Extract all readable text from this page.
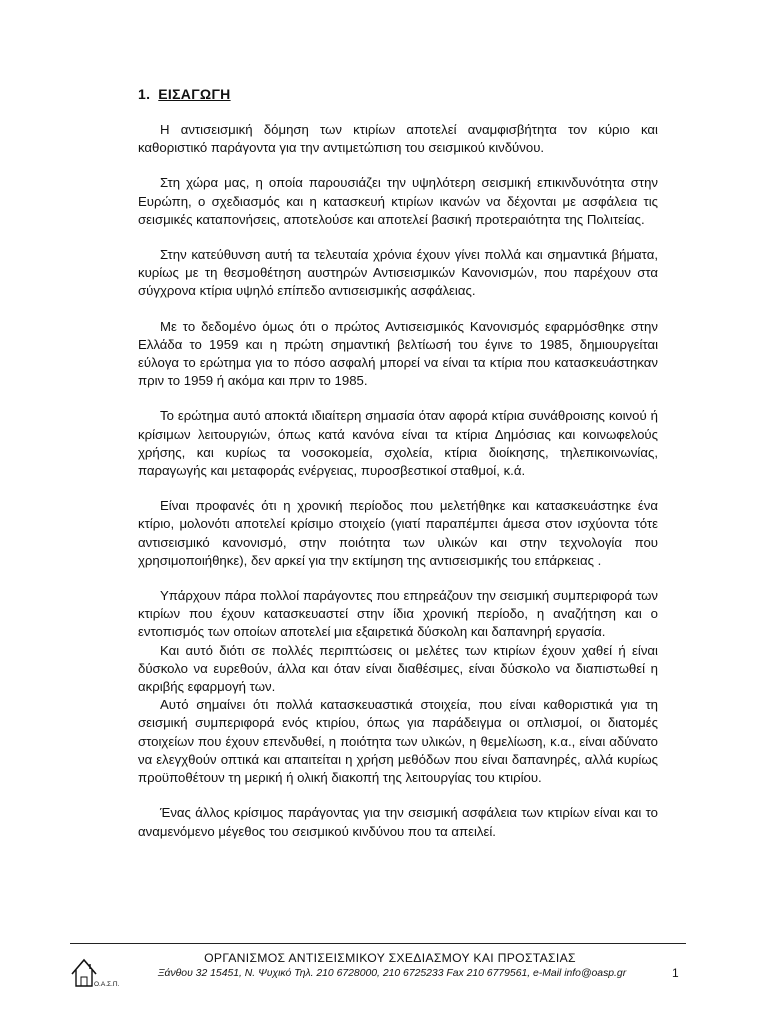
1. ΕΙΣΑΓΩΓΗ

Η αντισεισμική δόμηση των κτιρίων αποτελεί αναμφισβήτητα τον κύριο και καθοριστικό παράγοντα για την αντιμετώπιση του σεισμικού κινδύνου.

Στη χώρα μας, η οποία παρουσιάζει την υψηλότερη σεισμική επικινδυνότητα στην Ευρώπη, ο σχεδιασμός και η κατασκευή κτιρίων ικανών να δέχονται με ασφάλεια τις σεισμικές καταπονήσεις, αποτελούσε και αποτελεί βασική προτεραιότητα της Πολιτείας.

Στην κατεύθυνση αυτή τα τελευταία χρόνια έχουν γίνει πολλά και σημαντικά βήματα, κυρίως με τη θεσμοθέτηση αυστηρών Αντισεισμικών Κανονισμών, που παρέχουν στα σύγχρονα κτίρια υψηλό επίπεδο αντισεισμικής ασφάλειας.

Με το δεδομένο όμως ότι ο πρώτος Αντισεισμικός Κανονισμός εφαρμόσθηκε στην Ελλάδα το 1959 και η πρώτη σημαντική βελτίωσή του έγινε το 1985, δημιουργείται εύλογα το ερώτημα για το πόσο ασφαλή μπορεί να είναι τα κτίρια που κατασκευάστηκαν πριν το 1959 ή ακόμα και πριν το 1985.

Το ερώτημα αυτό αποκτά ιδιαίτερη σημασία όταν αφορά κτίρια συνάθροισης κοινού ή κρίσιμων λειτουργιών, όπως κατά κανόνα είναι τα κτίρια Δημόσιας και κοινωφελούς χρήσης, και κυρίως τα νοσοκομεία, σχολεία, κτίρια διοίκησης, τηλεπικοινωνίας, παραγωγής και μεταφοράς ενέργειας, πυροσβεστικοί σταθμοί, κ.ά.

Είναι προφανές ότι η χρονική περίοδος που μελετήθηκε και κατασκευάστηκε ένα κτίριο, μολονότι αποτελεί κρίσιμο στοιχείο (γιατί παραπέμπει άμεσα στον ισχύοντα τότε αντισεισμικό κανονισμό, στην ποιότητα των υλικών και στην τεχνολογία που χρησιμοποιήθηκε), δεν αρκεί για την εκτίμηση της αντισεισμικής του επάρκειας .

Υπάρχουν πάρα πολλοί παράγοντες που επηρεάζουν την σεισμική συμπεριφορά των κτιρίων που έχουν κατασκευαστεί στην ίδια χρονική περίοδο, η αναζήτηση και ο εντοπισμός των οποίων αποτελεί μια εξαιρετικά δύσκολη και δαπανηρή εργασία.

Και αυτό διότι σε πολλές περιπτώσεις οι μελέτες των κτιρίων έχουν χαθεί ή είναι δύσκολο να ευρεθούν, άλλα και όταν είναι διαθέσιμες, είναι δύσκολο να διαπιστωθεί η ακριβής εφαρμογή των.

Αυτό σημαίνει ότι πολλά κατασκευαστικά στοιχεία, που είναι καθοριστικά για τη σεισμική συμπεριφορά ενός κτιρίου, όπως για παράδειγμα οι οπλισμοί, οι διατομές στοιχείων που έχουν επενδυθεί, η ποιότητα των υλικών, η θεμελίωση, κ.α., είναι αδύνατο να ελεγχθούν οπτικά και απαιτείται η χρήση μεθόδων που είναι δαπανηρές, αλλά κυρίως προϋποθέτουν τη μερική ή ολική διακοπή της λειτουργίας του κτιρίου.

Ένας άλλος κρίσιμος παράγοντας για την σεισμική ασφάλεια των κτιρίων είναι και το αναμενόμενο μέγεθος του σεισμικού κινδύνου που τα απειλεί.

Ο.Α.Σ.Π.
ΟΡΓΑΝΙΣΜΟΣ ΑΝΤΙΣΕΙΣΜΙΚΟΥ ΣΧΕΔΙΑΣΜΟΥ ΚΑΙ ΠΡΟΣΤΑΣΙΑΣ
Ξάνθου 32 15451, Ν. Ψυχικό Τηλ. 210 6728000, 210 6725233 Fax 210 6779561, e-Mail info@oasp.gr	1
